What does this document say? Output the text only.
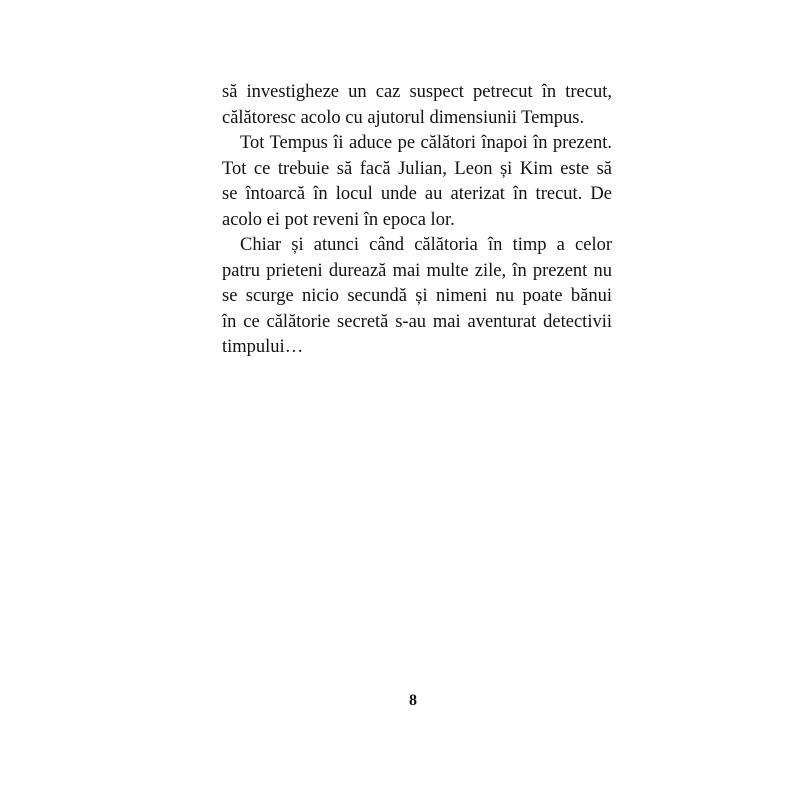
să investigheze un caz suspect petrecut în trecut,
călătoresc acolo cu ajutorul dimensiunii Tempus.
Tot Tempus îi aduce pe călători înapoi în prezent.
Tot ce trebuie să facă Julian, Leon și Kim este să
se întoarcă în locul unde au aterizat în trecut. De
acolo ei pot reveni în epoca lor.
Chiar și atunci când călătoria în timp a celor
patru prieteni durează mai multe zile, în prezent nu
se scurge nicio secundă și nimeni nu poate bănui
în ce călătorie secretă s-au mai aventurat detectivii
timpului…
8
